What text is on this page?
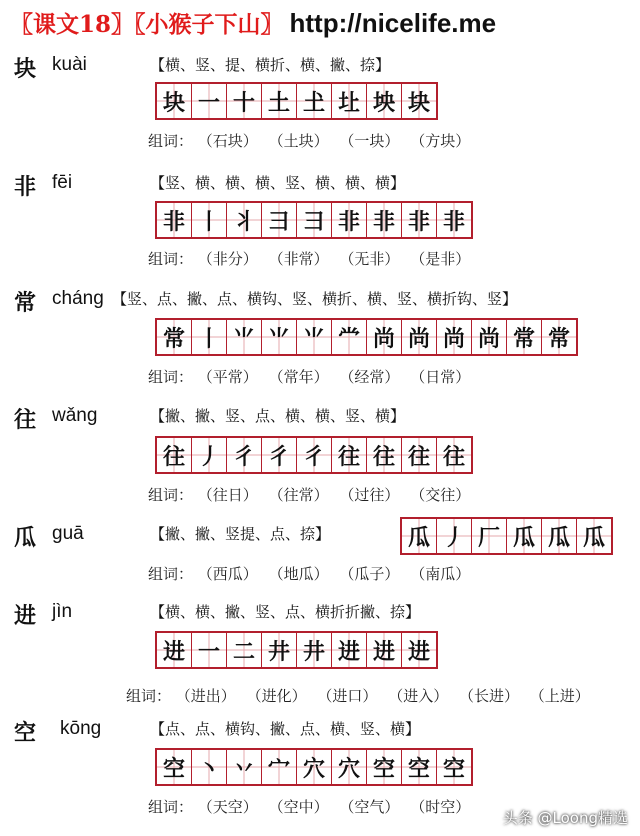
〖课文18〗〖小猴子下山〗 http://nicelife.me
块 kuài	【横、竖、提、横折、横、撇、捺】
块 一 十 土 𡈽 圵 坱 块
组词： （石块） （土块） （一块） （方块）
非 fēi	【竖、横、横、横、竖、横、横、横】
非 丨 丬 彐 彐 非 非 非 非
组词： （非分） （非常） （无非） （是非）
常 cháng 【竖、点、撇、点、横钩、竖、横折、横、竖、横折钩、竖】
常 丨 ⺌ ⺌ ⺌ 龸 尚 尚 尚 尚 常 常
组词： （平常） （常年） （经常） （日常）
往 wǎng	【撇、撇、竖、点、横、横、竖、横】
往 丿 彳 彳 彳 往 往 往 往
组词： （往日） （往常） （过往） （交往）
瓜 guā	【撇、撇、竖提、点、捺】	瓜 丿 厂 瓜 瓜 瓜
组词： （西瓜） （地瓜） （瓜子） （南瓜）
进 jìn	【横、横、撇、竖、点、横折折撇、捺】
进 一 二 井 井 进 进 进
组词： （进出） （进化） （进口） （进入） （长进） （上进）
空 kōng	【点、点、横钩、撇、点、横、竖、横】
空 丶 丷 宀 穴 穴 空 空 空
组词： （天空） （空中） （空气） （时空）
头条 @Loong精选
